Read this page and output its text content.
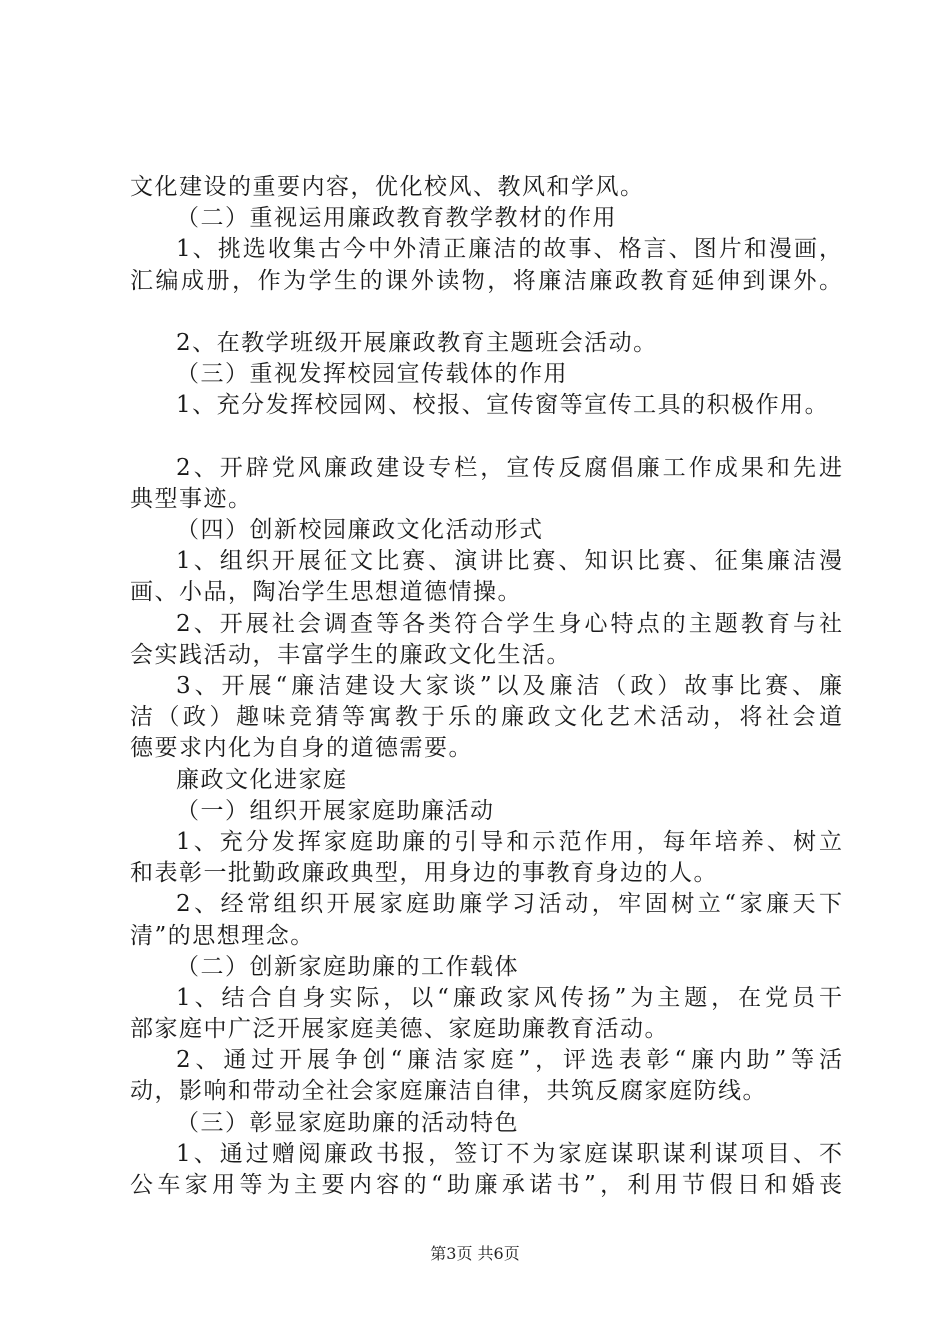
文化建设的重要内容，优化校风、教风和学风。
（二）重视运用廉政教育教学教材的作用
1、挑选收集古今中外清正廉洁的故事、格言、图片和漫画，
汇编成册，作为学生的课外读物，将廉洁廉政教育延伸到课外。
2、在教学班级开展廉政教育主题班会活动。
（三）重视发挥校园宣传载体的作用
1、充分发挥校园网、校报、宣传窗等宣传工具的积极作用。
2、开辟党风廉政建设专栏，宣传反腐倡廉工作成果和先进
典型事迹。
（四）创新校园廉政文化活动形式
1、组织开展征文比赛、演讲比赛、知识比赛、征集廉洁漫
画、小品，陶冶学生思想道德情操。
2、开展社会调查等各类符合学生身心特点的主题教育与社
会实践活动，丰富学生的廉政文化生活。
3、开展“廉洁建设大家谈”以及廉洁（政）故事比赛、廉
洁（政）趣味竞猜等寓教于乐的廉政文化艺术活动，将社会道
德要求内化为自身的道德需要。
廉政文化进家庭
（一）组织开展家庭助廉活动
1、充分发挥家庭助廉的引导和示范作用，每年培养、树立
和表彰一批勤政廉政典型，用身边的事教育身边的人。
2、经常组织开展家庭助廉学习活动，牢固树立“家廉天下
清”的思想理念。
（二）创新家庭助廉的工作载体
1、结合自身实际，以“廉政家风传扬”为主题，在党员干
部家庭中广泛开展家庭美德、家庭助廉教育活动。
2、通过开展争创“廉洁家庭”，评选表彰“廉内助”等活
动，影响和带动全社会家庭廉洁自律，共筑反腐家庭防线。
（三）彰显家庭助廉的活动特色
1、通过赠阅廉政书报，签订不为家庭谋职谋利谋项目、不
公车家用等为主要内容的“助廉承诺书”，利用节假日和婚丧
第3页 共6页
